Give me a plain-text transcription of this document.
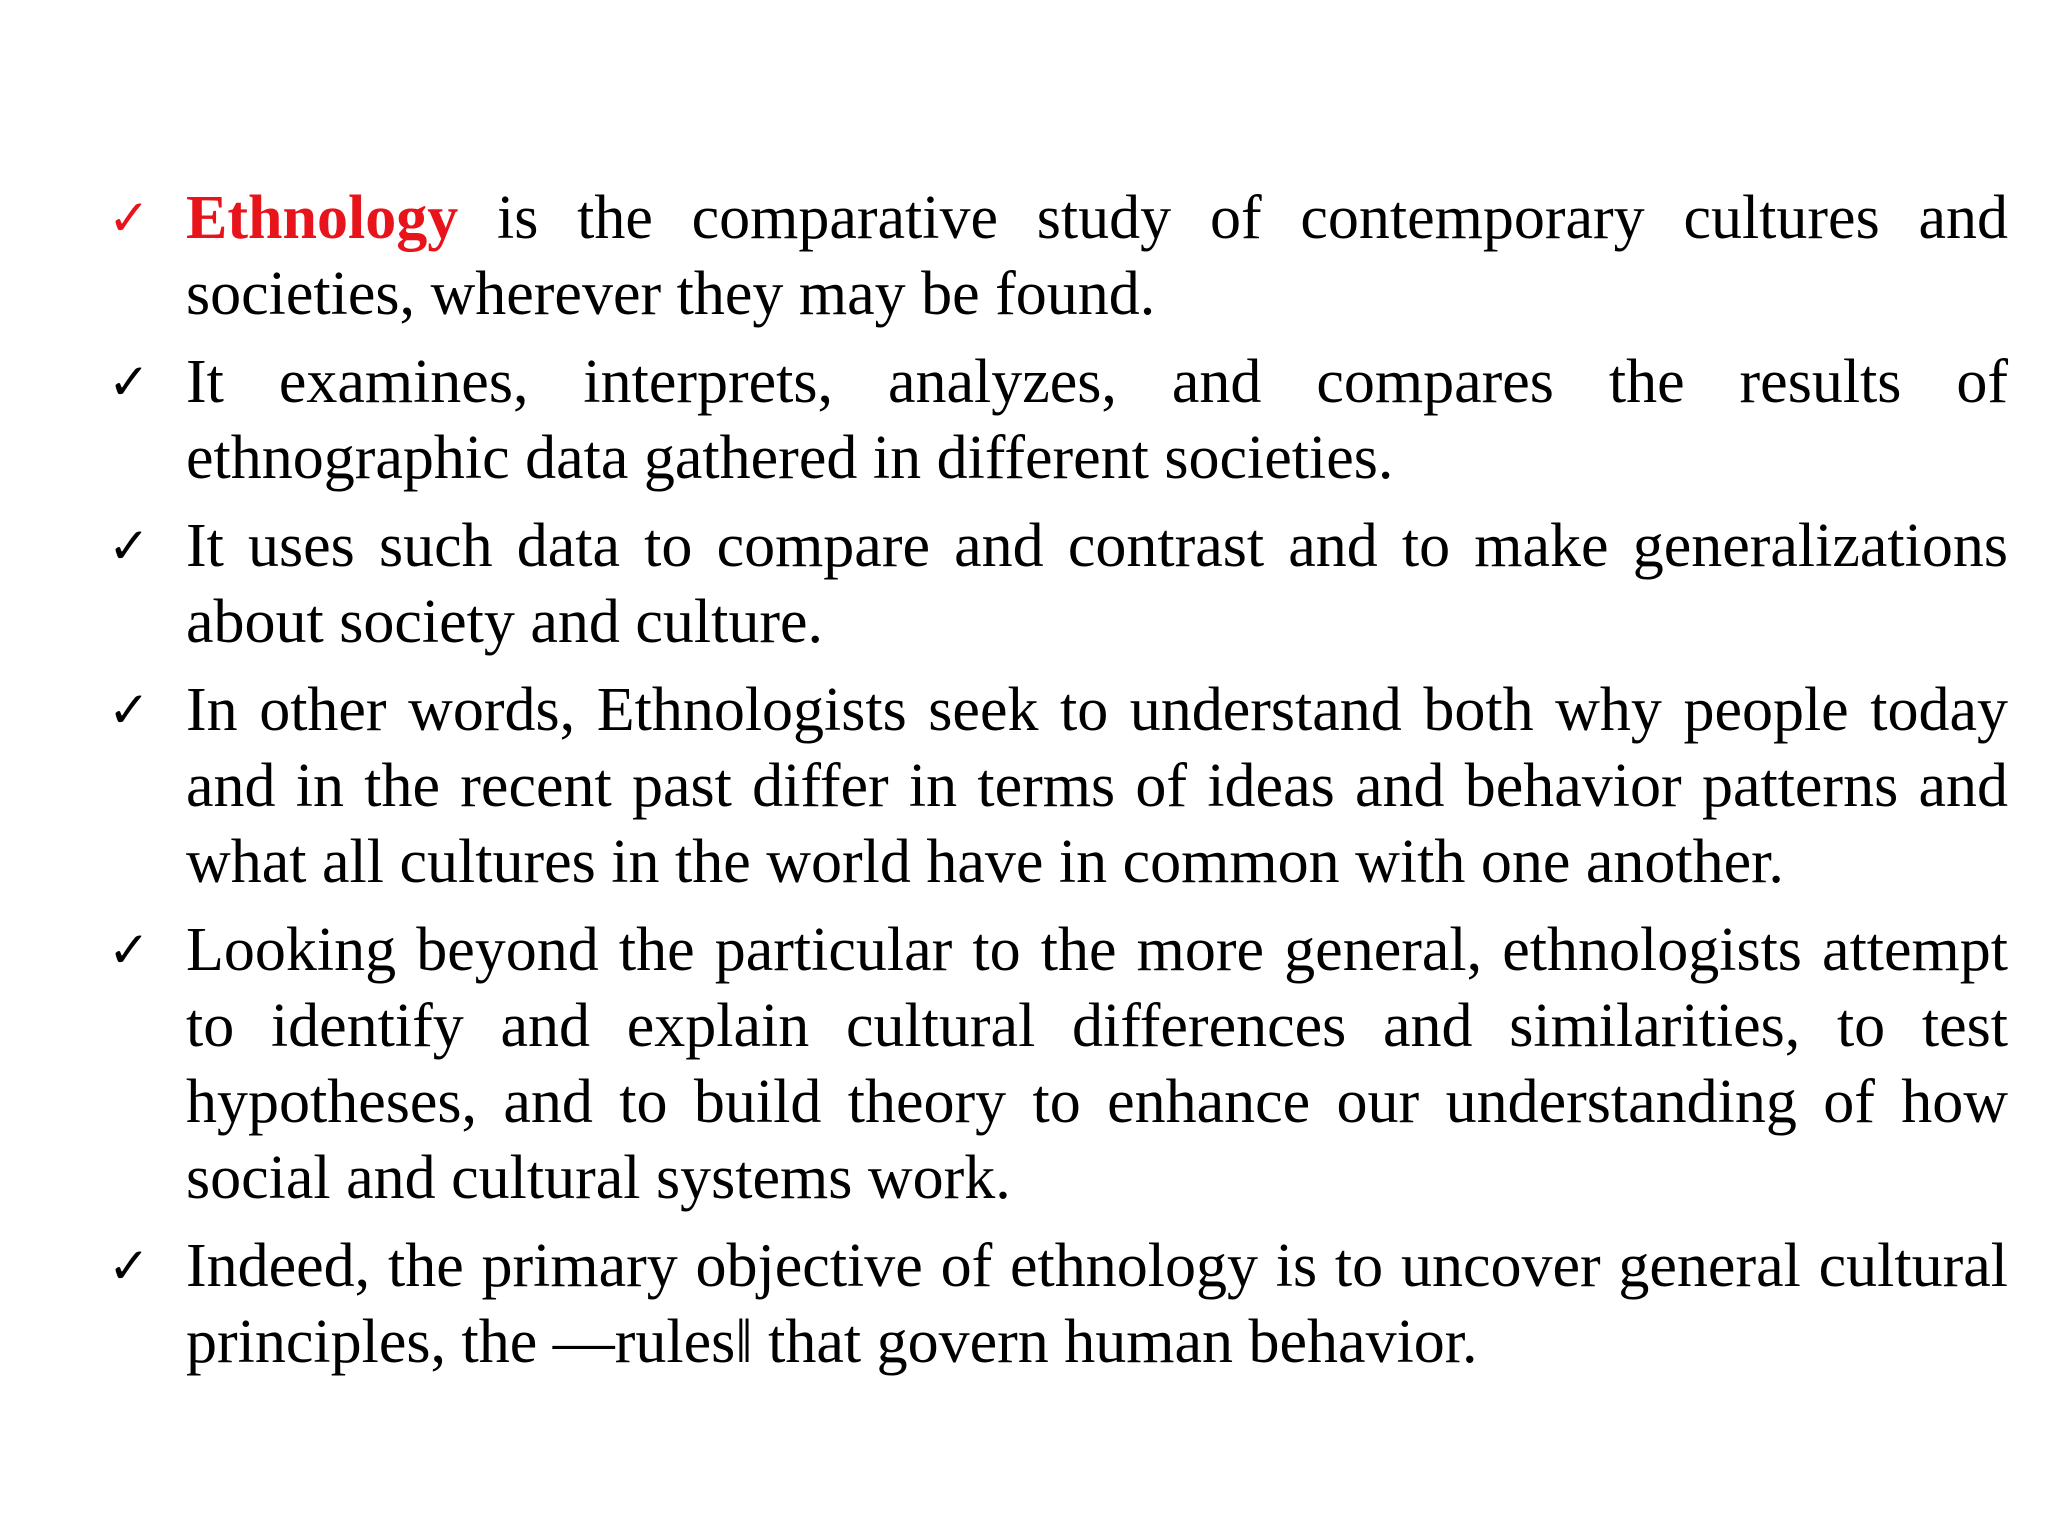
✓ Ethnology is the comparative study of contemporary cultures and societies, wherever they may be found.
✓ It examines, interprets, analyzes, and compares the results of ethnographic data gathered in different societies.
✓ It uses such data to compare and contrast and to make generalizations about society and culture.
✓ In other words, Ethnologists seek to understand both why people today and in the recent past differ in terms of ideas and behavior patterns and what all cultures in the world have in common with one another.
✓ Looking beyond the particular to the more general, ethnologists attempt to identify and explain cultural differences and similarities, to test hypotheses, and to build theory to enhance our understanding of how social and cultural systems work.
✓ Indeed, the primary objective of ethnology is to uncover general cultural principles, the ―rules‖ that govern human behavior.
